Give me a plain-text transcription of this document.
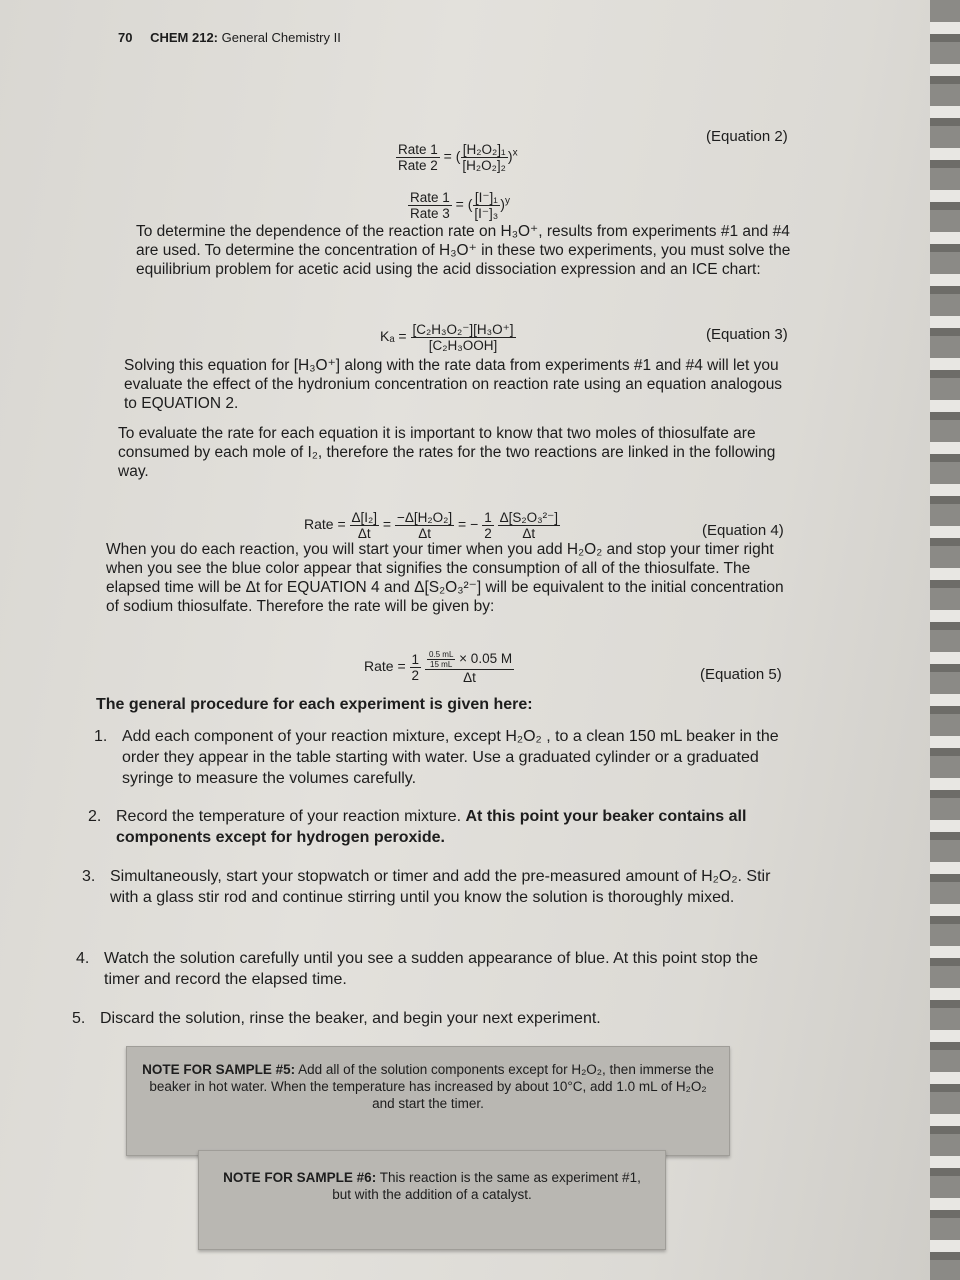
70 CHEM 212: General Chemistry II
$\frac{\text{Rate 1}}{\text{Rate 2}}$ = ( $\frac{\text{[H₂O₂]₁}}{\text{[H₂O₂]₂}} )^x$
$\frac{\text{Rate 1}}{\text{Rate 3}}$ = ( $\frac{\text{[I⁻]₁}}{\text{[I⁻]₃}} )^y$
(Equation 2)
To determine the dependence of the reaction rate on H₃O⁺, results from experiments #1 and #4 are used. To determine the concentration of H₃O⁺ in these two experiments, you must solve the equilibrium problem for acetic acid using the acid dissociation expression and an ICE chart:
$K_a = \frac{\text{[C₂H₃O₂⁻][H₃O⁺]}}{\text{[C₂H₃OOH]}}$	(Equation 3)
Solving this equation for [H₃O⁺] along with the rate data from experiments #1 and #4 will let you evaluate the effect of the hydronium concentration on reaction rate using an equation analogous to EQUATION 2.
To evaluate the rate for each equation it is important to know that two moles of thiosulfate are consumed by each mole of I₂, therefore the rates for the two reactions are linked in the following way.
Rate = $\frac{\text{Δ[I₂]}}{\Delta t} = \frac{\text{−Δ[H₂O₂]}}{\Delta t}$ = − $\frac{1}{2}$
$\frac{\text{Δ[S₂O₃²⁻]}}{\Delta t}$	(Equation 4)
When you do each reaction, you will start your timer when you add H₂O₂ and stop your timer right when you see the blue color appear that signifies the consumption of all of the thiosulfate. The elapsed time will be Δt for EQUATION 4 and Δ[S₂O₃²⁻] will be equivalent to the initial concentration of sodium thiosulfate. Therefore the rate will be given by:
Rate = $\frac{1}{2}$
$\frac{\frac{0.5 mL}{15 mL} \times 0.05 M}{\Delta t}$	(Equation 5)
The general procedure for each experiment is given here:
1. Add each component of your reaction mixture, except H₂O₂ , to a clean 150 mL beaker in the order they appear in the table starting with water. Use a graduated cylinder or a graduated syringe to measure the volumes carefully.
2. Record the temperature of your reaction mixture. At this point your beaker contains all components except for hydrogen peroxide.
3. Simultaneously, start your stopwatch or timer and add the pre-measured amount of H₂O₂. Stir with a glass stir rod and continue stirring until you know the solution is thoroughly mixed.
4. Watch the solution carefully until you see a sudden appearance of blue. At this point stop the timer and record the elapsed time.
5. Discard the solution, rinse the beaker, and begin your next experiment.
NOTE FOR SAMPLE #5: Add all of the solution components except for H₂O₂, then immerse the beaker in hot water. When the temperature has increased by about 10°C, add 1.0 mL of H₂O₂ and start the timer.
NOTE FOR SAMPLE #6: This reaction is the same as experiment #1, but with the addition of a catalyst.
